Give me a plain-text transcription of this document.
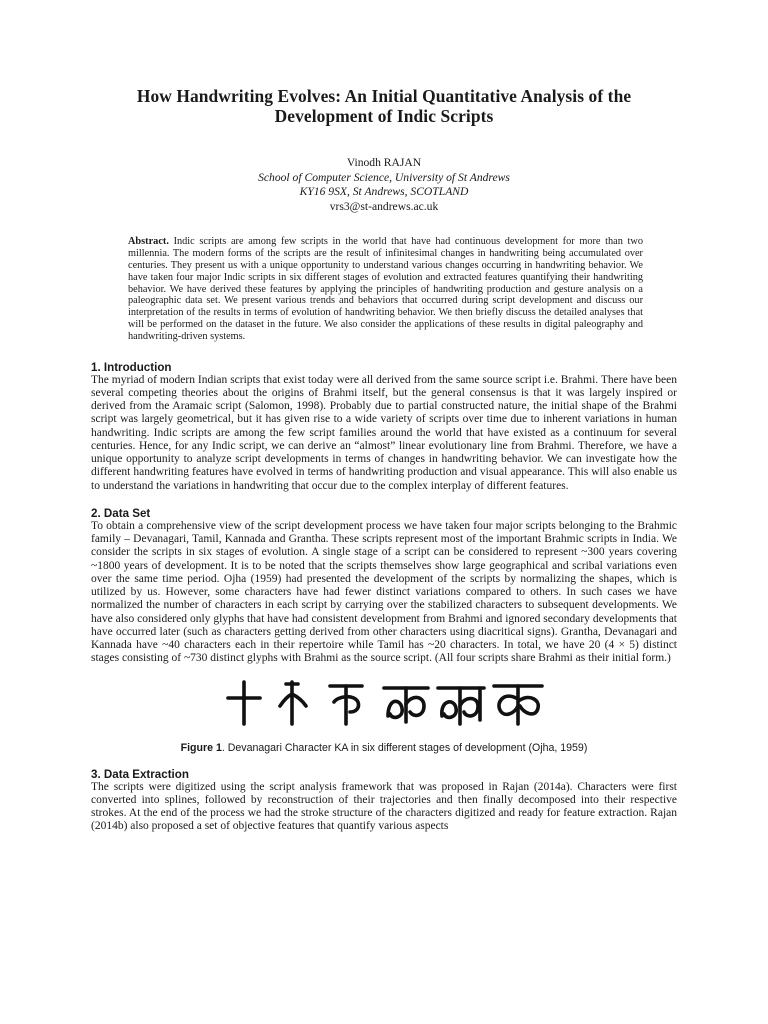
How Handwriting Evolves: An Initial Quantitative Analysis of the
Development of Indic Scripts
Vinodh RAJAN
School of Computer Science, University of St Andrews
KY16 9SX, St Andrews, SCOTLAND
vrs3@st-andrews.ac.uk

Abstract. Indic scripts are among few scripts in the world that have had continuous development for more than two millennia. The modern forms of the scripts are the result of infinitesimal changes in handwriting being accumulated over centuries. They present us with a unique opportunity to understand various changes occurring in handwriting behavior. We have taken four major Indic scripts in six different stages of evolution and extracted features quantifying their handwriting behavior. We have derived these features by applying the principles of handwriting production and gesture analysis on a paleographic data set. We present various trends and behaviors that occurred during script development and discuss our interpretation of the results in terms of evolution of handwriting behavior. We then briefly discuss the detailed analyses that will be performed on the dataset in the future. We also consider the applications of these results in digital paleography and handwriting-driven systems.

1. Introduction

The myriad of modern Indian scripts that exist today were all derived from the same source script i.e. Brahmi. There have been several competing theories about the origins of Brahmi itself, but the general consensus is that it was largely inspired or derived from the Aramaic script (Salomon, 1998). Probably due to partial constructed nature, the initial shape of the Brahmi script was largely geometrical, but it has given rise to a wide variety of scripts over time due to inherent variations in human handwriting. Indic scripts are among the few script families around the world that have existed as a continuum for several centuries. Hence, for any Indic script, we can derive an “almost” linear evolutionary line from Brahmi. Therefore, we have a unique opportunity to analyze script developments in terms of changes in handwriting behavior. We can investigate how the different handwriting features have evolved in terms of handwriting production and visual appearance. This will also enable us to understand the variations in handwriting that occur due to the complex interplay of different features.

2. Data Set

To obtain a comprehensive view of the script development process we have taken four major scripts belonging to the Brahmic family – Devanagari, Tamil, Kannada and Grantha. These scripts represent most of the important Brahmic scripts in India. We consider the scripts in six stages of evolution. A single stage of a script can be considered to represent ~300 years covering ~1800 years of development. It is to be noted that the scripts themselves show large geographical and scribal variations even over the same time period. Ojha (1959) had presented the development of the scripts by normalizing the shapes, which is utilized by us. However, some characters have had fewer distinct variations compared to others. In such cases we have normalized the number of characters in each script by carrying over the stabilized characters to subsequent developments. We have also considered only glyphs that have had consistent development from Brahmi and ignored secondary developments that have occurred later (such as characters getting derived from other characters using diacritical signs). Grantha, Devanagari and Kannada have ~40 characters each in their repertoire while Tamil has ~20 characters. In total, we have 20 (4 × 5) distinct stages consisting of ~730 distinct glyphs with Brahmi as the source script. (All four scripts share Brahmi as their initial form.)

Figure 1. Devanagari Character KA in six different stages of development (Ojha, 1959)
3. Data Extraction

The scripts were digitized using the script analysis framework that was proposed in Rajan (2014a). Characters were first converted into splines, followed by reconstruction of their trajectories and then finally decomposed into their respective strokes. At the end of the process we had the stroke structure of the characters digitized and ready for feature extraction. Rajan (2014b) also proposed a set of objective features that quantify various aspects
